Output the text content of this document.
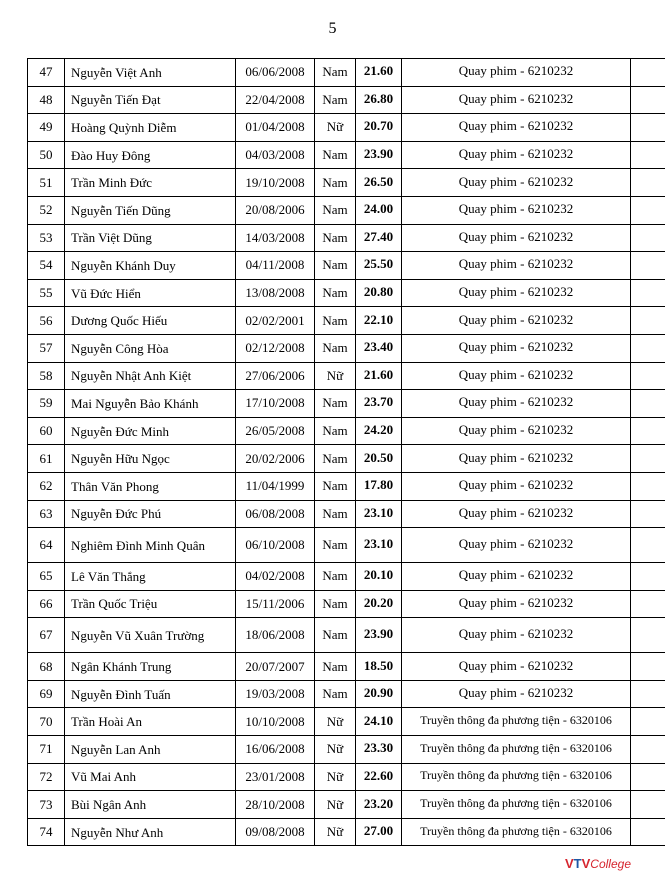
5
47	Nguyễn Việt Anh	06/06/2008	Nam	21.60	Quay phim - 6210232	
48	Nguyễn Tiến Đạt	22/04/2008	Nam	26.80	Quay phim - 6210232	
49	Hoàng Quỳnh Diễm	01/04/2008	Nữ	20.70	Quay phim - 6210232	
50	Đào Huy Đông	04/03/2008	Nam	23.90	Quay phim - 6210232	
51	Trần Minh Đức	19/10/2008	Nam	26.50	Quay phim - 6210232	
52	Nguyễn Tiến Dũng	20/08/2006	Nam	24.00	Quay phim - 6210232	
53	Trần Việt Dũng	14/03/2008	Nam	27.40	Quay phim - 6210232	
54	Nguyễn Khánh Duy	04/11/2008	Nam	25.50	Quay phim - 6210232	
55	Vũ Đức Hiển	13/08/2008	Nam	20.80	Quay phim - 6210232	
56	Dương Quốc Hiếu	02/02/2001	Nam	22.10	Quay phim - 6210232	
57	Nguyễn Công Hòa	02/12/2008	Nam	23.40	Quay phim - 6210232	
58	Nguyễn Nhật Anh Kiệt	27/06/2006	Nữ	21.60	Quay phim - 6210232	
59	Mai Nguyễn Bảo Khánh	17/10/2008	Nam	23.70	Quay phim - 6210232	
60	Nguyễn Đức Minh	26/05/2008	Nam	24.20	Quay phim - 6210232	
61	Nguyễn Hữu Ngọc	20/02/2006	Nam	20.50	Quay phim - 6210232	
62	Thân Văn Phong	11/04/1999	Nam	17.80	Quay phim - 6210232	
63	Nguyễn Đức Phú	06/08/2008	Nam	23.10	Quay phim - 6210232	
64	Nghiêm Đình Minh Quân	06/10/2008	Nam	23.10	Quay phim - 6210232	
65	Lê Văn Thắng	04/02/2008	Nam	20.10	Quay phim - 6210232	
66	Trần Quốc Triệu	15/11/2006	Nam	20.20	Quay phim - 6210232	
67	Nguyễn Vũ Xuân Trường	18/06/2008	Nam	23.90	Quay phim - 6210232	
68	Ngân Khánh Trung	20/07/2007	Nam	18.50	Quay phim - 6210232	
69	Nguyễn Đình Tuấn	19/03/2008	Nam	20.90	Quay phim - 6210232	
70	Trần Hoài An	10/10/2008	Nữ	24.10	Truyền thông đa phương tiện - 6320106	
71	Nguyễn Lan Anh	16/06/2008	Nữ	23.30	Truyền thông đa phương tiện - 6320106	
72	Vũ Mai Anh	23/01/2008	Nữ	22.60	Truyền thông đa phương tiện - 6320106	
73	Bùi Ngân Anh	28/10/2008	Nữ	23.20	Truyền thông đa phương tiện - 6320106	
74	Nguyễn Như Anh	09/08/2008	Nữ	27.00	Truyền thông đa phương tiện - 6320106	
VTVCollege
